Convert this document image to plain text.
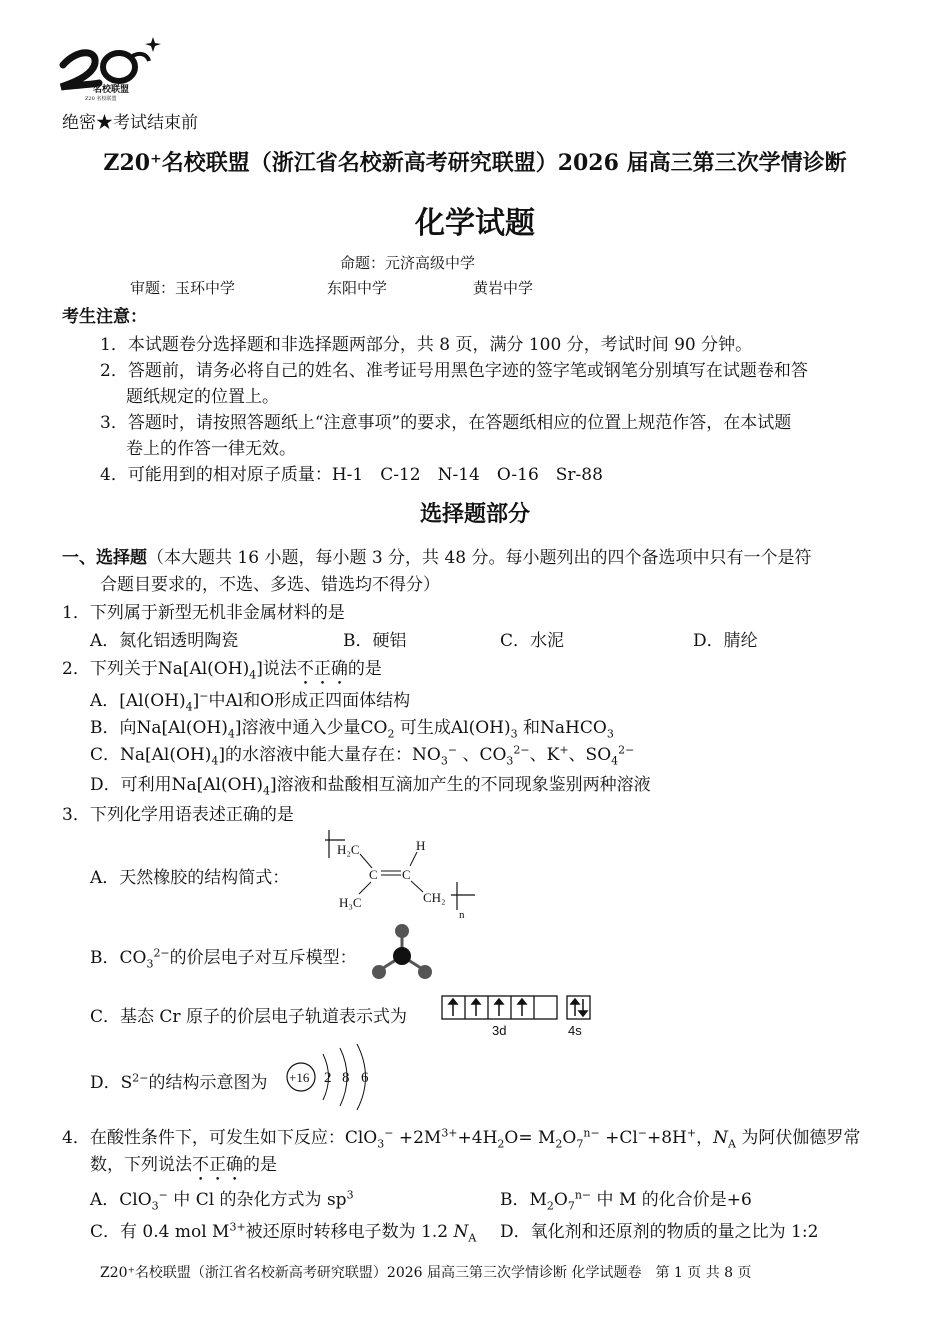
名校联盟
Z20 名校联盟
绝密★考试结束前
Z20⁺名校联盟（浙江省名校新高考研究联盟）2026 届高三第三次学情诊断
化学试题
命题：元济高级中学
审题：玉环中学	东阳中学	黄岩中学
考生注意：
1．本试题卷分选择题和非选择题两部分，共 8 页，满分 100 分，考试时间 90 分钟。
2．答题前，请务必将自己的姓名、准考证号用黑色字迹的签字笔或钢笔分别填写在试题卷和答
题纸规定的位置上。
3．答题时，请按照答题纸上“注意事项”的要求，在答题纸相应的位置上规范作答，在本试题
卷上的作答一律无效。
4．可能用到的相对原子质量：H-1　C-12　N-14　O-16　Sr-88
选择题部分
一、选择题（本大题共 16 小题，每小题 3 分，共 48 分。每小题列出的四个备选项中只有一个是符
合题目要求的，不选、多选、错选均不得分）
1．下列属于新型无机非金属材料的是
A．氮化铝透明陶瓷	B．硬铝	C．水泥	D．腈纶
2．下列关于$Na[Al(OH)_4]$说法不正确的是
A．$[Al(OH)_4]^-$中Al和O形成正四面体结构
B．向$Na[Al(OH)_4]$溶液中通入少量$CO_2$ 可生成$Al(OH)_3$ 和NaHCO$_3$
C．$Na[Al(OH)_4]$的水溶液中能大量存在：$NO_3^-$ 、$CO_3^{2-}$、K+、$SO_4^{2-}$
D．可利用$Na[Al(OH)_4]$溶液和盐酸相互滴加产生的不同现象鉴别两种溶液
3．下列化学用语表述正确的是
A．天然橡胶的结构简式：
H₂C
C C
H
H₃C	CH₂
n
B．$CO_3^{2-}$的价层电子对互斥模型：
C．基态 Cr 原子的价层电子轨道表示式为
3d	4s
D．$S^{2-}$的结构示意图为 +16 2 8 6
4．在酸性条件下，可发生如下反应：$ClO_3^- +2M^{3+}+4H_2O= M_2O_7^{n-} +Cl^-+8H^+$，$N_A$ 为阿伏伽德罗常
数，下列说法不正确的是
A．ClO$_3$− 中 Cl 的杂化方式为 $sp^3$	B．$M_2O_7^{n-}$ 中 M 的化合价是+6
C．有 0.4 mol $M^{3+}$被还原时转移电子数为 1.2 $N_A$ D．氧化剂和还原剂的物质的量之比为 1:2
Z20⁺名校联盟（浙江省名校新高考研究联盟）2026 届高三第三次学情诊断 化学试题卷　第 1 页 共 8 页
